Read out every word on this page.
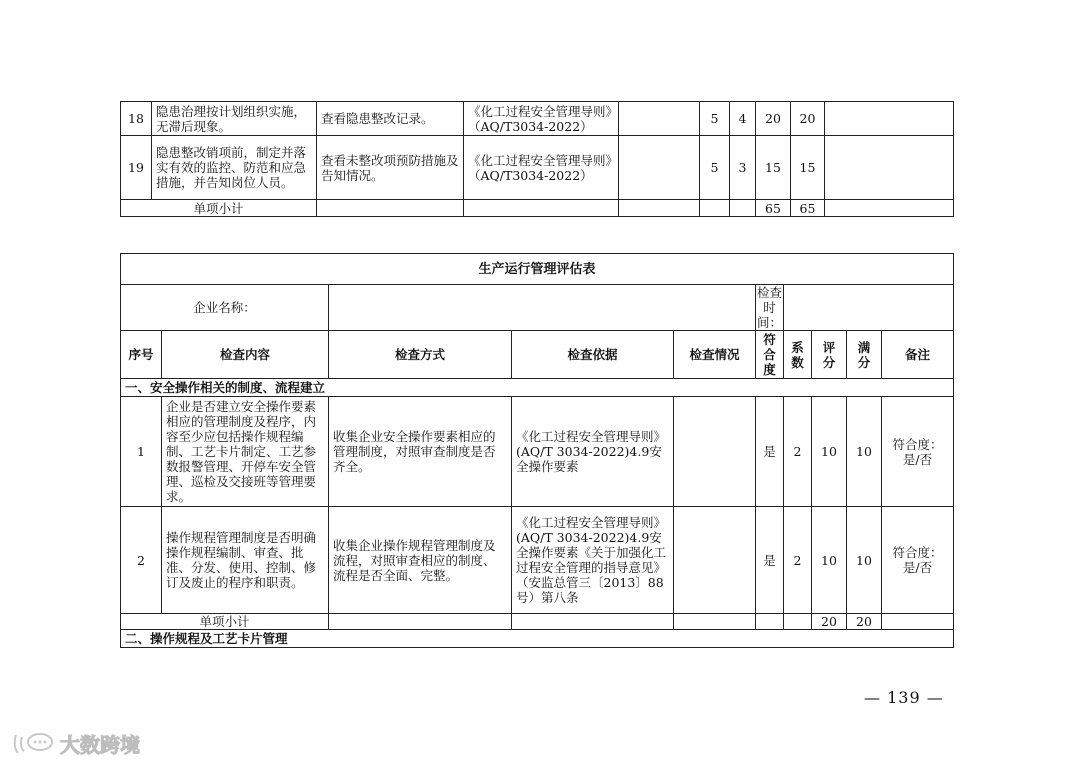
18	隐患治理按计划组织实施，无滞后现象。	查看隐患整改记录。	《化工过程安全管理导则》（AQ/T3034-2022）		5	4	20	20	
19	隐患整改销项前，制定并落实有效的监控、防范和应急措施，并告知岗位人员。	查看未整改项预防措施及告知情况。	《化工过程安全管理导则》（AQ/T3034-2022）		5	3	15	15	
单项小计							65	65	
生产运行管理评估表									
企业名称：					检查时间：				
序号	检查内容	检查方式	检查依据	检查情况	符合度	系数	评分	满分	备注
一、安全操作相关的制度、流程建立									
1	企业是否建立安全操作要素相应的管理制度及程序，内容至少应包括操作规程编制、工艺卡片制定、工艺参数报警管理、开停车安全管理、巡检及交接班等管理要求。	收集企业安全操作要素相应的管理制度，对照审查制度是否齐全。	《化工过程安全管理导则》(AQ/T 3034-2022)4.9安全操作要素		是	2	10	10	符合度：是/否
2	操作规程管理制度是否明确操作规程编制、审查、批准、分发、使用、控制、修订及废止的程序和职责。	收集企业操作规程管理制度及流程，对照审查相应的制度、流程是否全面、完整。	《化工过程安全管理导则》(AQ/T 3034-2022)4.9安全操作要素《关于加强化工过程安全管理的指导意见》（安监总管三〔2013〕88 号）第八条		是	2	10	10	符合度：是/否
单项小计							20	20	
二、操作规程及工艺卡片管理									
— 139 —
大数跨境
